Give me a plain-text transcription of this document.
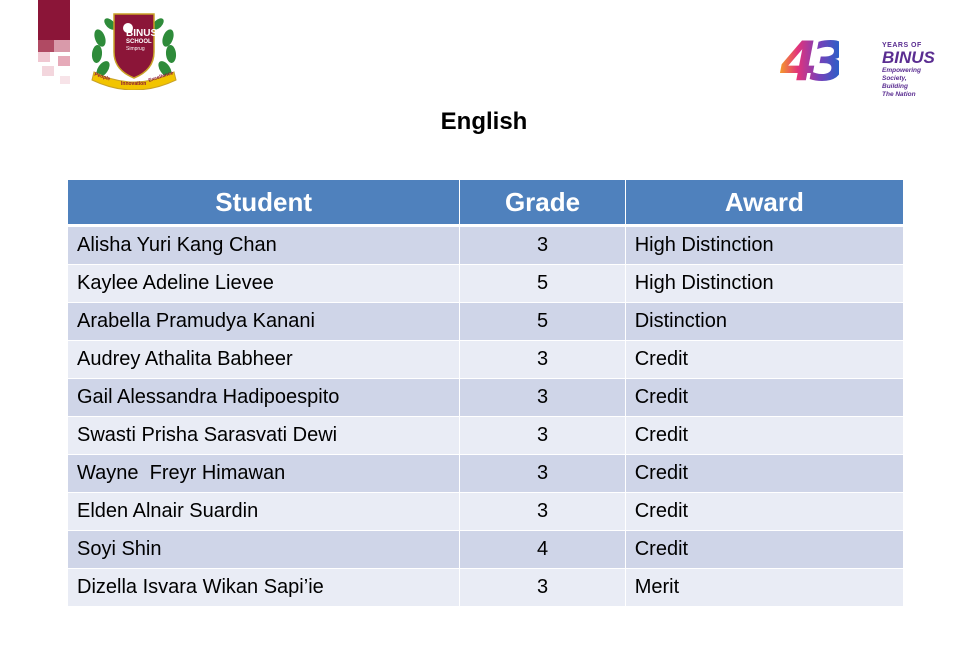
BINUS
SCHOOL
Simprug
People
Innovation
Excellence	43	YEARS OF
BINUS
Empowering
Society,
Building
The Nation
English
Student	Grade	Award
Alisha Yuri Kang Chan	3	High Distinction
Kaylee Adeline Lievee	5	High Distinction
Arabella Pramudya Kanani	5	Distinction
Audrey Athalita Babheer	3	Credit
Gail Alessandra Hadipoespito	3	Credit
Swasti Prisha Sarasvati Dewi	3	Credit
Wayne  Freyr Himawan	3	Credit
Elden Alnair Suardin	3	Credit
Soyi Shin	4	Credit
Dizella Isvara Wikan Sapi’ie	3	Merit
